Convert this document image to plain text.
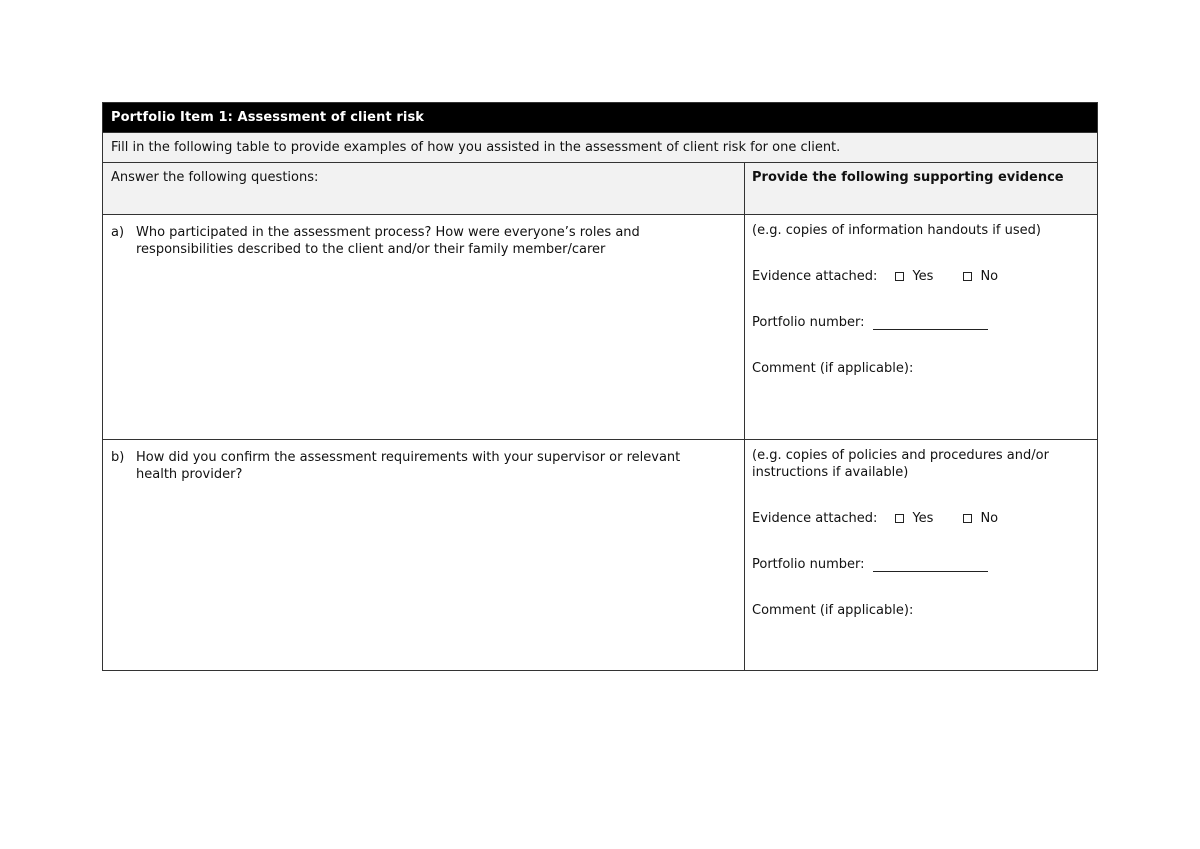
Portfolio Item 1: Assessment of client risk
Fill in the following table to provide examples of how you assisted in the assessment of client risk for one client.
Answer the following questions:	Provide the following supporting evidence
a) Who participated in the assessment process? How were everyone’s roles and responsibilities described to the client and/or their family member/carer
(e.g. copies of information handouts if used)
Evidence attached:	Yes	No
Portfolio number:
Comment (if applicable):
b) How did you confirm the assessment requirements with your supervisor or relevant health provider?
(e.g. copies of policies and procedures and/or instructions if available)
Evidence attached:	Yes	No
Portfolio number:
Comment (if applicable):
